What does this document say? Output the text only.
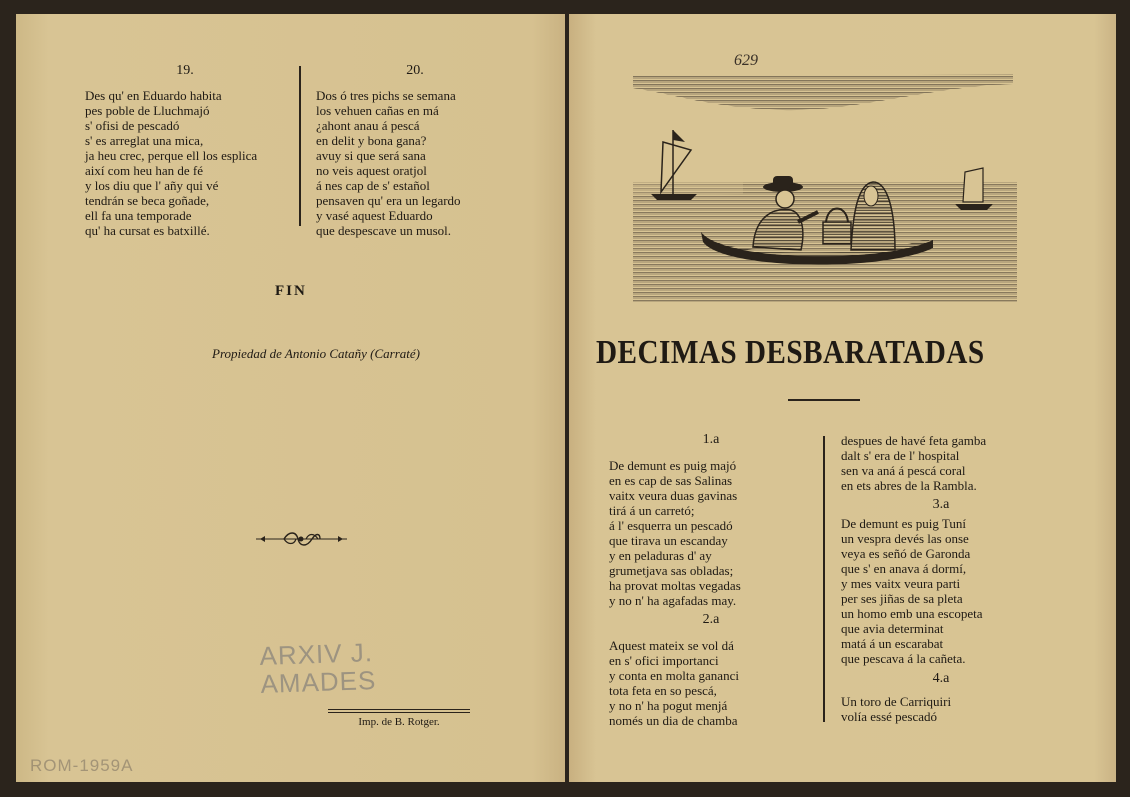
19.
Des qu' en Eduardo habita
pes poble de Lluchmajó
s' ofisi de pescadó
s' es arreglat una mica,
ja heu crec, perque ell los esplica
així com heu han de fé
y los diu que l' añy qui vé
tendrán se beca goñade,
ell fa una temporade
qu' ha cursat es batxillé.
20.
Dos ó tres pichs se semana
los vehuen cañas en má
¿ahont anau á pescá
en delit y bona gana?
avuy si que será sana
no veis aquest oratjol
á nes cap de s' estañol
pensaven qu' era un legardo
y vasé aquest Eduardo
que despescave un musol.
FIN
Propiedad de Antonio Catañy (Carraté)
ARXIV J.
AMADES
Imp. de B. Rotger.
ROM-1959A
629
DECIMAS DESBARATADAS
1.a
De demunt es puig majó
en es cap de sas Salinas
vaitx veura duas gavinas
tirá á un carretó;
á l' esquerra un pescadó
que tirava un escanday
y en peladuras d' ay
grumetjava sas obladas;
ha provat moltas vegadas
y no n' ha agafadas may.
2.a
Aquest mateix se vol dá
en s' ofici importanci
y conta en molta gananci
tota feta en so pescá,
y no n' ha pogut menjá
només un dia de chamba
despues de havé feta gamba
dalt s' era de l' hospital
sen va aná á pescá coral
en ets abres de la Rambla.
3.a
De demunt es puig Tuní
un vespra devés las onse
veya es señó de Garonda
que s' en anava á dormí,
y mes vaitx veura parti
per ses jiñas de sa pleta
un homo emb una escopeta
que avia determinat
matá á un escarabat
que pescava á la cañeta.
4.a
Un toro de Carriquiri
volía essé pescadó
